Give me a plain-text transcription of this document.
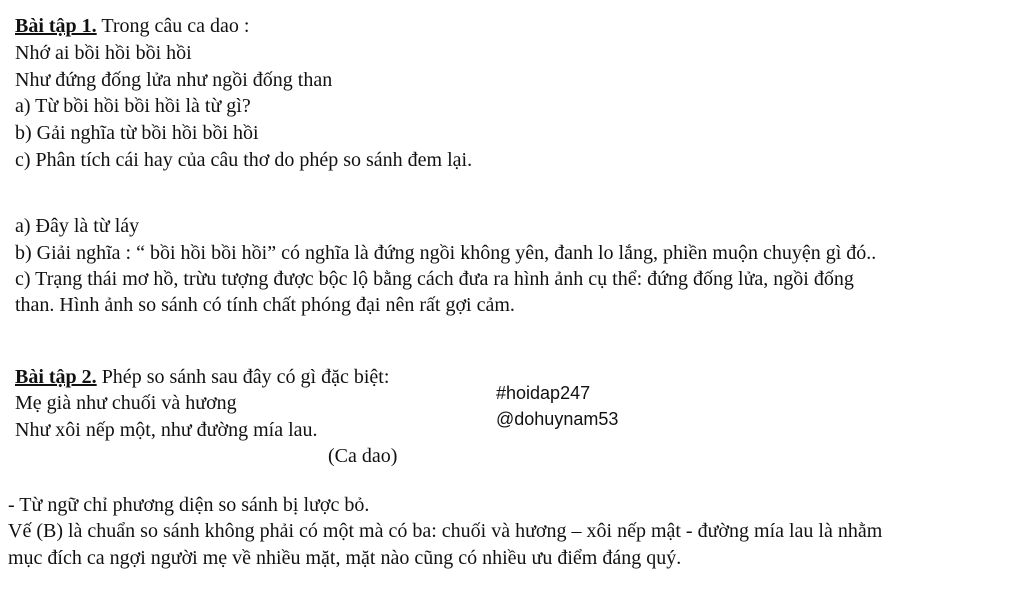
Bài tập 1. Trong câu ca dao :
Nhớ ai bồi hồi bồi hồi
Như đứng đống lửa như ngồi đống than
a) Từ bồi hồi bồi hồi là từ gì?
b) Gải nghĩa từ bồi hồi bồi hồi
c) Phân tích cái hay của câu thơ do phép so sánh đem lại.
a) Đây là từ láy
b) Giải nghĩa : “ bồi hồi bồi hồi” có nghĩa là đứng ngồi không yên, đanh lo lắng, phiền muộn chuyện gì đó..
c) Trạng thái mơ hồ, trừu tượng được bộc lộ bằng cách đưa ra hình ảnh cụ thể: đứng đống lửa, ngồi đống
than. Hình ảnh so sánh có tính chất phóng đại nên rất gợi cảm.
Bài tập 2. Phép so sánh sau đây có gì đặc biệt:
Mẹ già như chuối và hương
Như xôi nếp một, như đường mía lau.
(Ca dao)
#hoidap247
@dohuynam53
- Từ ngữ chỉ phương diện so sánh bị lược bỏ.
Vế (B) là chuẩn so sánh không phải có một mà có ba: chuối và hương – xôi nếp mật - đường mía lau là nhằm
mục đích ca ngợi người mẹ về nhiều mặt, mặt nào cũng có nhiều ưu điểm đáng quý.
